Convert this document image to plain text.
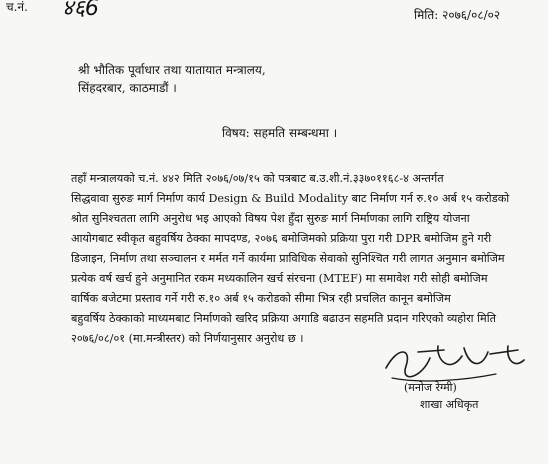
च.नं. ४६6	मिति: २०७६/०८/०२
श्री भौतिक पूर्वाधार तथा यातायात मन्त्रालय,
सिंहदरबार, काठमाडौं ।
विषय: सहमति सम्बन्धमा ।
तहाँ मन्त्रालयको च.नं. ४४२ मिति २०७६/०७/१५ को पत्रबाट ब.उ.शी.नं.३३७०११६८-४ अन्तर्गत
सिद्धवावा सुरुङ मार्ग निर्माण कार्य Design & Build Modality बाट निर्माण गर्न रु.१० अर्ब १५ करोडको
श्रोत सुनिश्चतता लागि अनुरोध भइ आएको विषय पेश हुँदा सुरुङ मार्ग निर्माणका लागि राष्ट्रिय योजना
आयोगबाट स्वीकृत बहुवर्षिय ठेक्का मापदण्ड, २०७६ बमोजिमको प्रक्रिया पुरा गरी DPR बमोजिम हुने गरी
डिजाइन, निर्माण तथा सञ्चालन र मर्मत गर्ने कार्यमा प्राविधिक सेवाको सुनिश्चित गरी लागत अनुमान बमोजिम
प्रत्येक वर्ष खर्च हुने अनुमानित रकम मध्यकालिन खर्च संरचना (MTEF) मा समावेश गरी सोही बमोजिम
वार्षिक बजेटमा प्रस्ताव गर्ने गरी रु.१० अर्ब १५ करोडको सीमा भित्र रही प्रचलित कानून बमोजिम
बहुवर्षिय ठेक्काको माध्यमबाट निर्माणको खरिद प्रक्रिया अगाडि बढाउन सहमति प्रदान गरिएको व्यहोरा मिति
२०७६/०८/०१ (मा.मन्त्रीस्तर) को निर्णयानुसार अनुरोध छ ।
(मनोज रेग्मी)
शाखा अधिकृत
